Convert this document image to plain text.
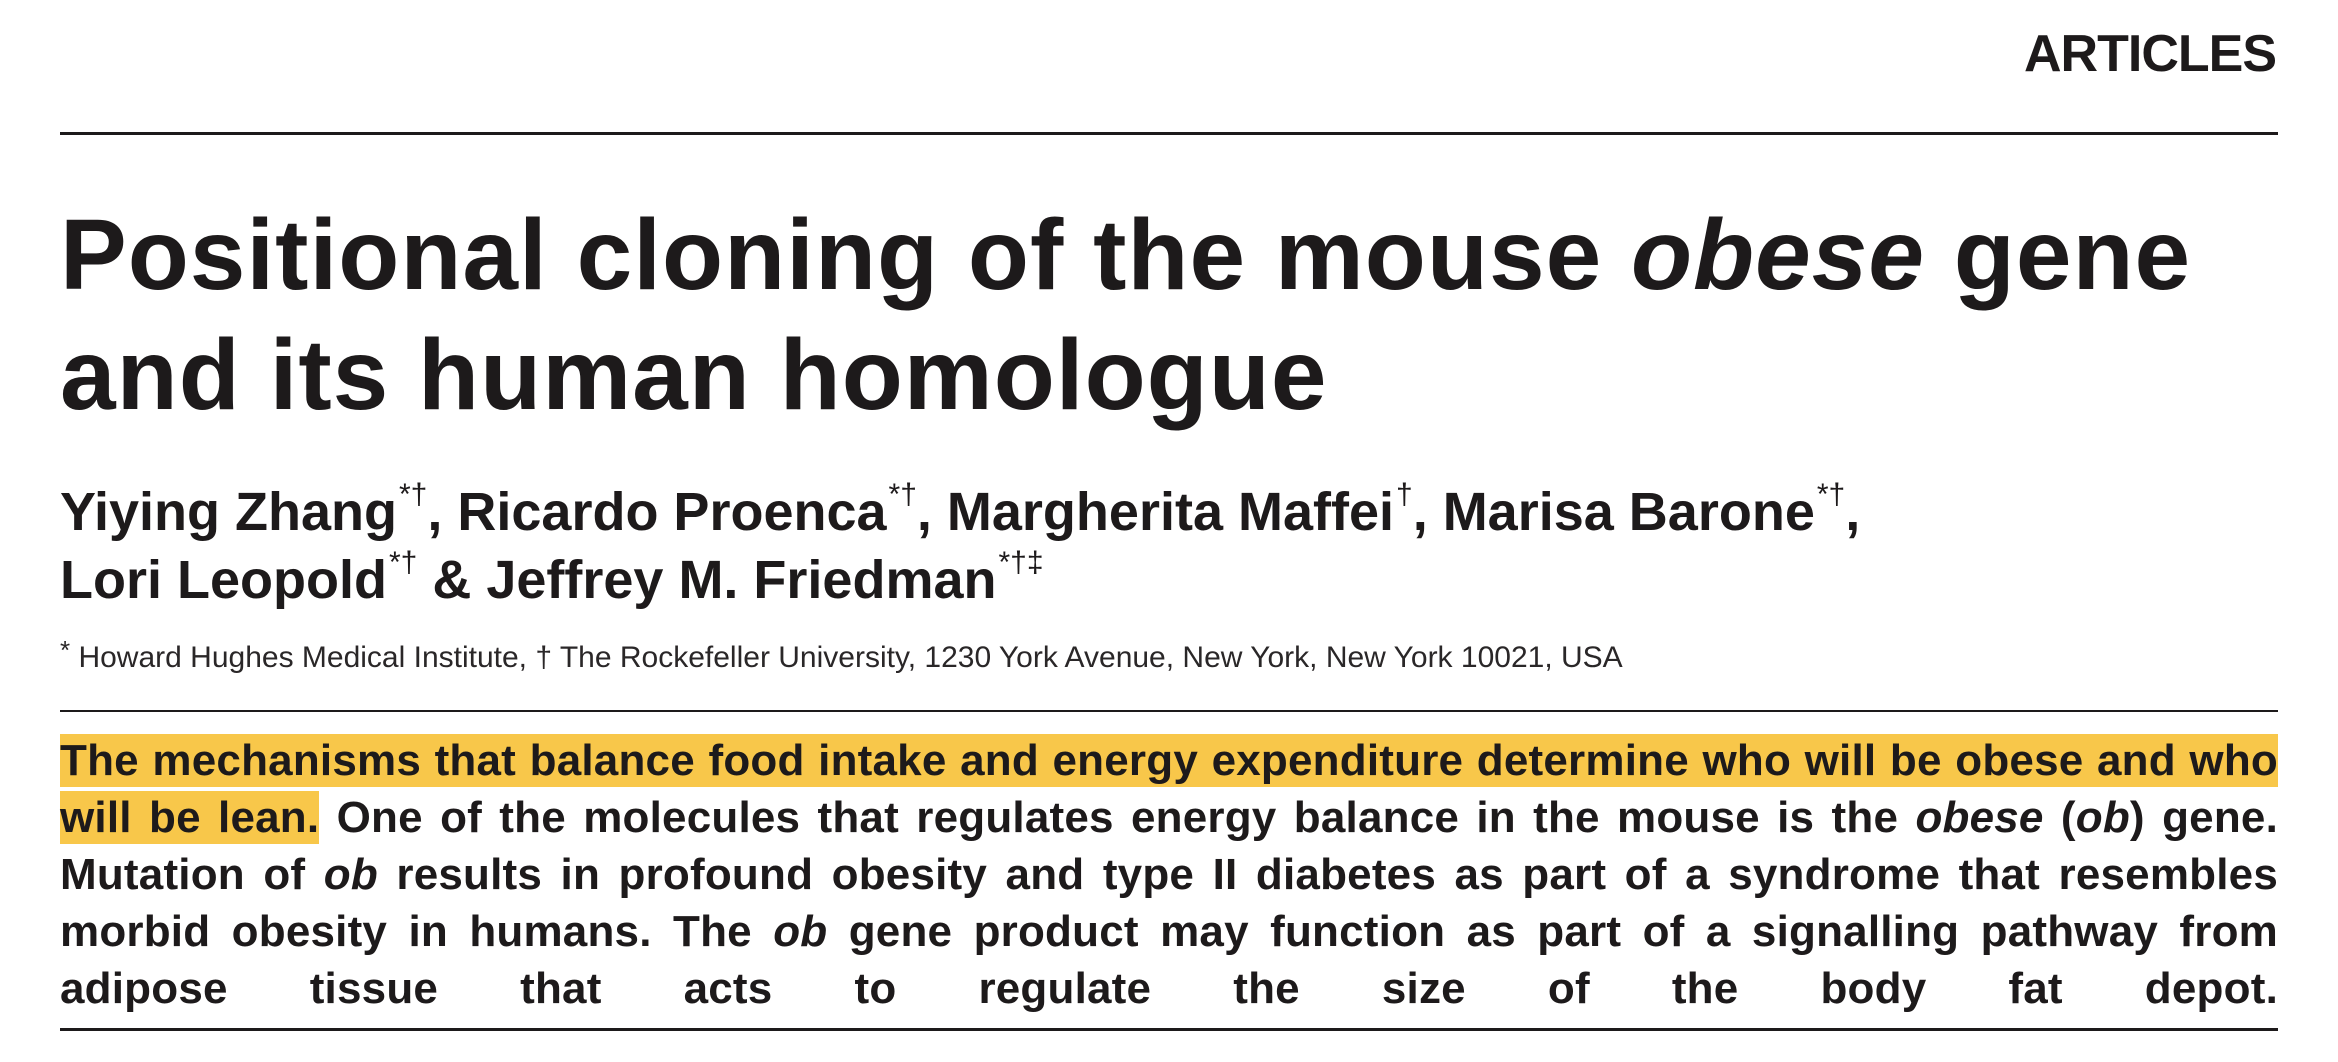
ARTICLES
Positional cloning of the mouse obese gene and its human homologue

Yiying Zhang*†, Ricardo Proenca*†, Margherita Maffei†, Marisa Barone*†,
Lori Leopold*† & Jeffrey M. Friedman*†‡

* Howard Hughes Medical Institute, † The Rockefeller University, 1230 York Avenue, New York, New York 10021, USA

The mechanisms that balance food intake and energy expenditure determine who will be obese and who will be lean. One of the molecules that regulates energy balance in the mouse is the obese (ob) gene. Mutation of ob results in profound obesity and type II diabetes as part of a syndrome that resembles morbid obesity in humans. The ob gene product may function as part of a signalling pathway from adipose tissue that acts to regulate the size of the body fat depot.
